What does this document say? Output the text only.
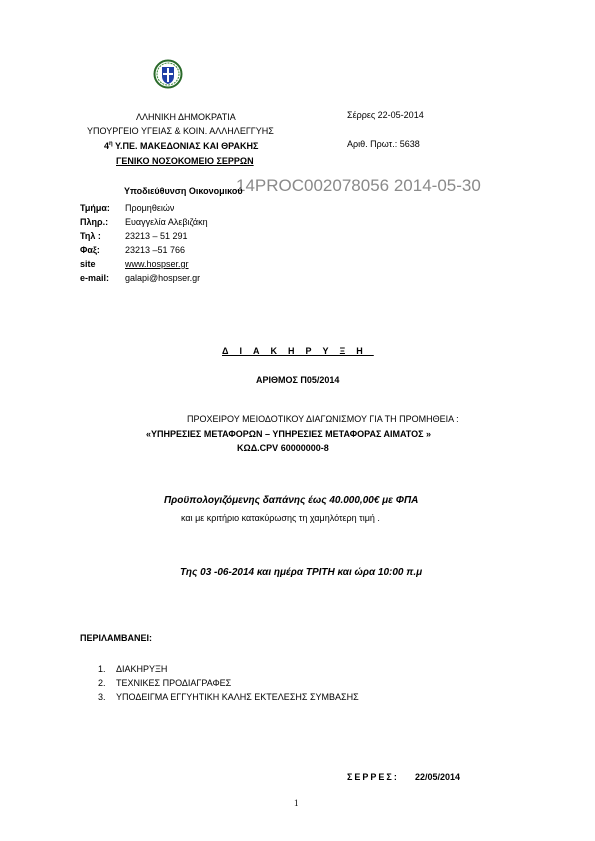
ΛΛΗΝΙΚΗ ΔΗΜΟΚΡΑΤΙΑ
ΥΠΟΥΡΓΕΙΟ ΥΓΕΙΑΣ & ΚΟΙΝ. ΑΛΛΗΛΕΓΓΥΗΣ
$4^\eta$ Υ.ΠΕ. ΜΑΚΕΔΟΝΙΑΣ ΚΑΙ ΘΡΑΚΗΣ
ΓΕΝΙΚΟ ΝΟΣΟΚΟΜΕΙΟ ΣΕΡΡΩΝ
Σέρρες 22-05-2014
Αριθ. Πρωτ.: 5638
14PROC002078056 2014-05-30
Υποδιεύθυνση Οικονομικού
Τμήμα: Προμηθειών
Πληρ.: Ευαγγελία Αλεβιζάκη
Τηλ :	23213 – 51 291
Φαξ:	23213 –51 766
site	www.hospser.gr
e-mail: galapi@hospser.gr
ΔΙΑΚΗΡΥΞΗ
ΑΡΙΘΜΟΣ Π05/2014
ΠΡΟΧΕΙΡΟΥ ΜΕΙΟΔΟΤΙΚΟΥ ΔΙΑΓΩΝΙΣΜΟΥ ΓΙΑ ΤΗ ΠΡΟΜΗΘΕΙΑ :
«ΥΠΗΡΕΣΙΕΣ ΜΕΤΑΦΟΡΩΝ – ΥΠΗΡΕΣΙΕΣ ΜΕΤΑΦΟΡΑΣ ΑΙΜΑΤΟΣ »
ΚΩΔ.CPV 60000000-8
Προϋπολογιζόμενης δαπάνης έως 40.000,00€ με ΦΠΑ
και με κριτήριο κατακύρωσης τη χαμηλότερη τιμή .
Της 03 -06-2014 και ημέρα ΤΡΙΤΗ και ώρα 10:00 π.μ
ΠΕΡΙΛΑΜΒΑΝΕΙ:
1. ΔΙΑΚΗΡΥΞΗ
2. ΤΕΧΝΙΚΕΣ ΠΡΟΔΙΑΓΡΑΦΕΣ
3. ΥΠΟΔΕΙΓΜΑ ΕΓΓΥΗΤΙΚΗ ΚΑΛΗΣ ΕΚΤΕΛΕΣΗΣ ΣΥΜΒΑΣΗΣ
ΣΕΡΡΕΣ: 22/05/2014
1
